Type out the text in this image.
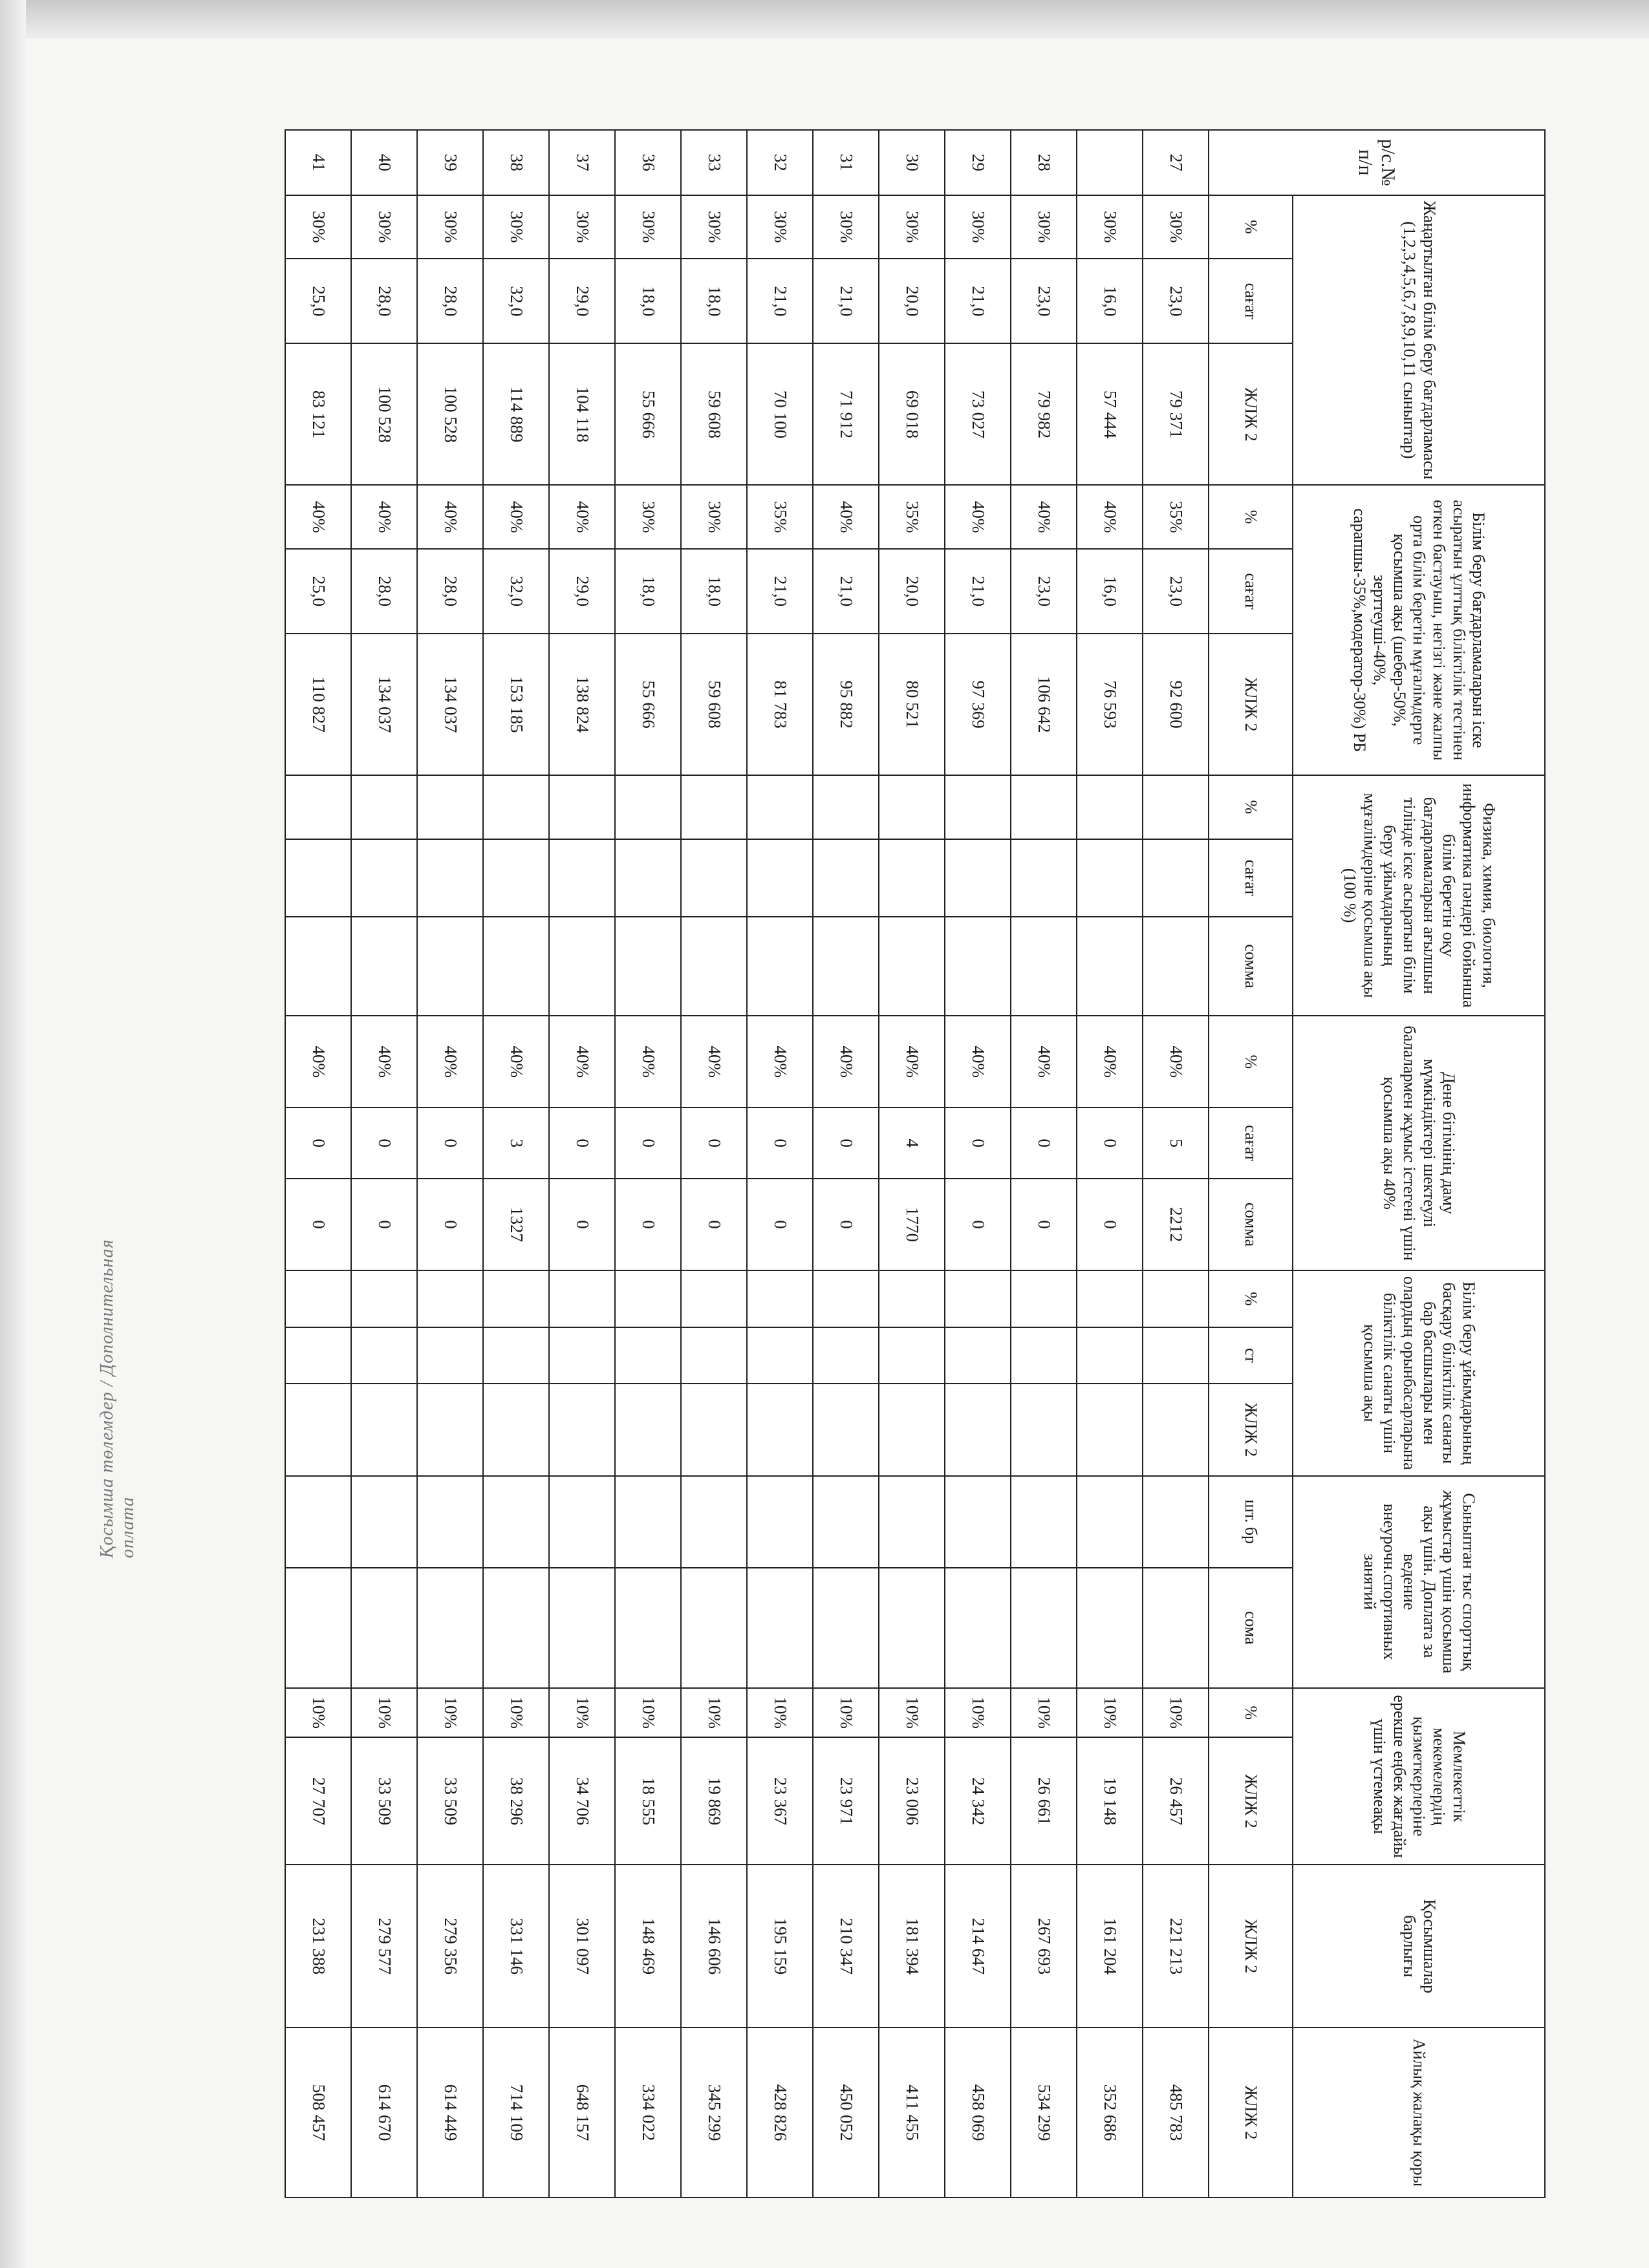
Қосымша төлемдер / Дополнительная оплата
р/с.№ п/п	Жаңартылған білім беру бағдарламасы (1,2,3,4,5,6,7,8,9,10,11 сыныптар)			Білім беру бағдарламаларын іске асыратын ұлттық біліктілік тестінен өткен бастауыш, негізгі және жалпы орта білім беретін мұғалімдерге қосымша ақы (шебер-50%, зерттеуші-40%, сарапшы-35%,модератор-30%) РБ			Физика, химия, биология, информатика пәндері бойынша білім беретін оқу бағдарламаларын ағылшын тілінде іске асыратын білім беру ұйымдарының мұғалімдеріне қосымша ақы (100 %)			Дене бітімінің даму мүмкіндіктері шектеулі балалармен жұмыс істегені үшін қосымша ақы 40%			Білім беру ұйымдарының басқару біліктілік санаты бар басшылары мен олардың орынбасарларына біліктілік санаты үшін қосымша ақы			Сыныптан тыс спорттық жұмыстар үшін қосымша ақы үшін. Доплата за ведение внеурочн.спортивных занятий		Мемлекеттік мекемелердің қызметкерлеріне ерекше еңбек жағдайы үшін үстемеақы		Қосымшалар барлығы	Айлық жалақы қоры
	%	сағат	ЖЛЖ 2	%	сағат	ЖЛЖ 2	%	сағат	сомма	%	сағат	сомма	%	ст	ЖЛЖ 2	шт. бр	сома	%	ЖЛЖ 2	ЖЛЖ 2	ЖЛЖ 2
27	30%	23,0	79 371	35%	23,0	92 600				40%	5	2212						10%	26 457	221 213	485 783
	30%	16,0	57 444	40%	16,0	76 593				40%	0	0						10%	19 148	161 204	352 686
28	30%	23,0	79 982	40%	23,0	106 642				40%	0	0						10%	26 661	267 693	534 299
29	30%	21,0	73 027	40%	21,0	97 369				40%	0	0						10%	24 342	214 647	458 069
30	30%	20,0	69 018	35%	20,0	80 521				40%	4	1770						10%	23 006	181 394	411 455
31	30%	21,0	71 912	40%	21,0	95 882				40%	0	0						10%	23 971	210 347	450 052
32	30%	21,0	70 100	35%	21,0	81 783				40%	0	0						10%	23 367	195 159	428 826
33	30%	18,0	59 608	30%	18,0	59 608				40%	0	0						10%	19 869	146 606	345 299
36	30%	18,0	55 666	30%	18,0	55 666				40%	0	0						10%	18 555	148 469	334 022
37	30%	29,0	104 118	40%	29,0	138 824				40%	0	0						10%	34 706	301 097	648 157
38	30%	32,0	114 889	40%	32,0	153 185				40%	3	1327						10%	38 296	331 146	714 109
39	30%	28,0	100 528	40%	28,0	134 037				40%	0	0						10%	33 509	279 356	614 449
40	30%	28,0	100 528	40%	28,0	134 037				40%	0	0						10%	33 509	279 577	614 670
41	30%	25,0	83 121	40%	25,0	110 827				40%	0	0						10%	27 707	231 388	508 457
